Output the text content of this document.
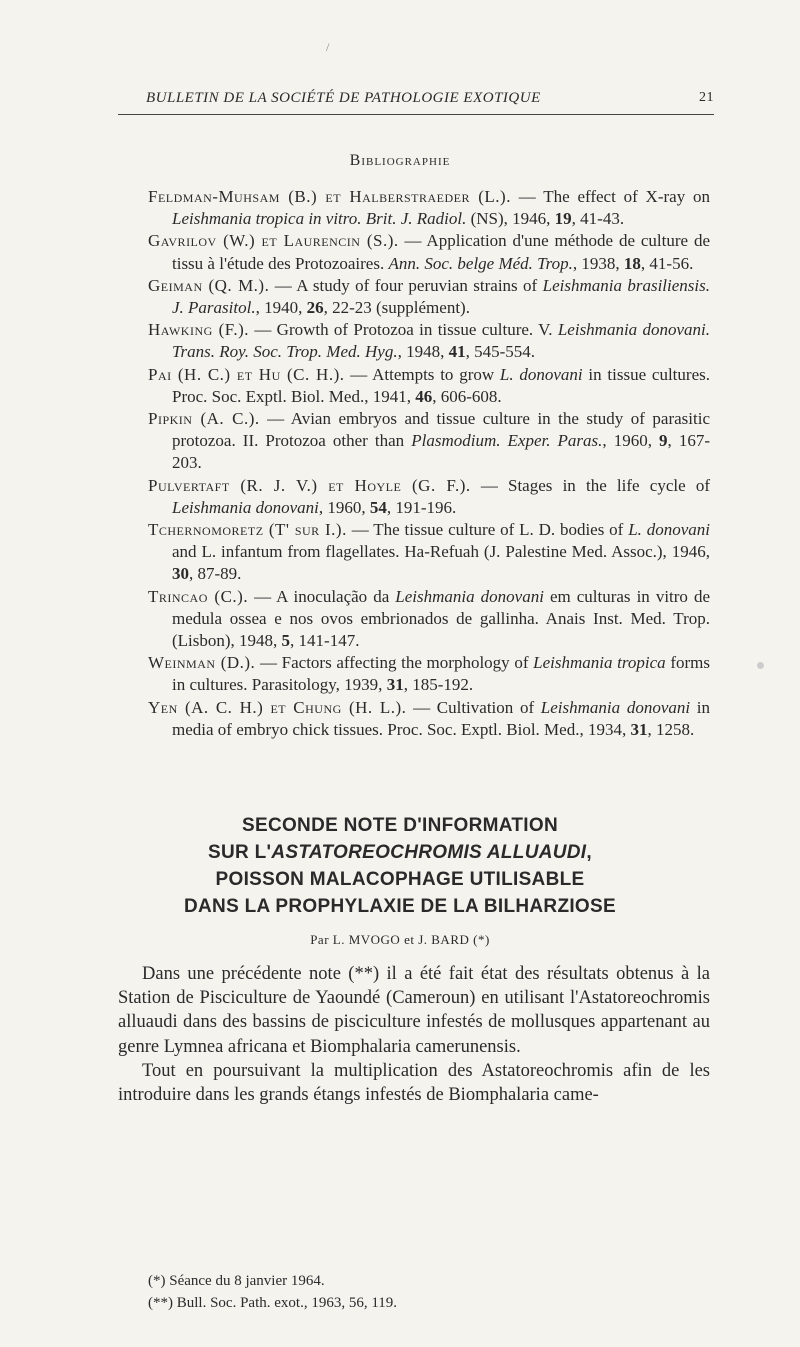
/
BULLETIN DE LA SOCIÉTÉ DE PATHOLOGIE EXOTIQUE	21
Bibliographie

Feldman-Muhsam (B.) et Halberstraeder (L.). — The effect of X-ray on Leishmania tropica in vitro. Brit. J. Radiol. (NS), 1946, 19, 41-43.

Gavrilov (W.) et Laurencin (S.). — Application d'une méthode de culture de tissu à l'étude des Protozoaires. Ann. Soc. belge Méd. Trop., 1938, 18, 41-56.

Geiman (Q. M.). — A study of four peruvian strains of Leishmania brasiliensis. J. Parasitol., 1940, 26, 22-23 (supplément).

Hawking (F.). — Growth of Protozoa in tissue culture. V. Leishmania donovani. Trans. Roy. Soc. Trop. Med. Hyg., 1948, 41, 545-554.

Pai (H. C.) et Hu (C. H.). — Attempts to grow L. donovani in tissue cultures. Proc. Soc. Exptl. Biol. Med., 1941, 46, 606-608.

Pipkin (A. C.). — Avian embryos and tissue culture in the study of parasitic protozoa. II. Protozoa other than Plasmodium. Exper. Paras., 1960, 9, 167-203.

Pulvertaft (R. J. V.) et Hoyle (G. F.). — Stages in the life cycle of Leishmania donovani, 1960, 54, 191-196.

Tchernomoretz (T' sur I.). — The tissue culture of L. D. bodies of L. donovani and L. infantum from flagellates. Ha-Refuah (J. Palestine Med. Assoc.), 1946, 30, 87-89.

Trincao (C.). — A inoculação da Leishmania donovani em culturas in vitro de medula ossea e nos ovos embrionados de gallinha. Anais Inst. Med. Trop. (Lisbon), 1948, 5, 141-147.

Weinman (D.). — Factors affecting the morphology of Leishmania tropica forms in cultures. Parasitology, 1939, 31, 185-192.

Yen (A. C. H.) et Chung (H. L.). — Cultivation of Leishmania donovani in media of embryo chick tissues. Proc. Soc. Exptl. Biol. Med., 1934, 31, 1258.

SECONDE NOTE D'INFORMATION
SUR L'ASTATOREOCHROMIS ALLUAUDI,
POISSON MALACOPHAGE UTILISABLE
DANS LA PROPHYLAXIE DE LA BILHARZIOSE
Par L. MVOGO et J. BARD (*)

Dans une précédente note (**) il a été fait état des résultats obtenus à la Station de Pisciculture de Yaoundé (Cameroun) en utilisant l'Astatoreochromis alluaudi dans des bassins de pisciculture infestés de mollusques appartenant au genre Lymnea africana et Biomphalaria camerunensis.

Tout en poursuivant la multiplication des Astatoreochromis afin de les introduire dans les grands étangs infestés de Biomphalaria came-

(*) Séance du 8 janvier 1964.
(**) Bull. Soc. Path. exot., 1963, 56, 119.
